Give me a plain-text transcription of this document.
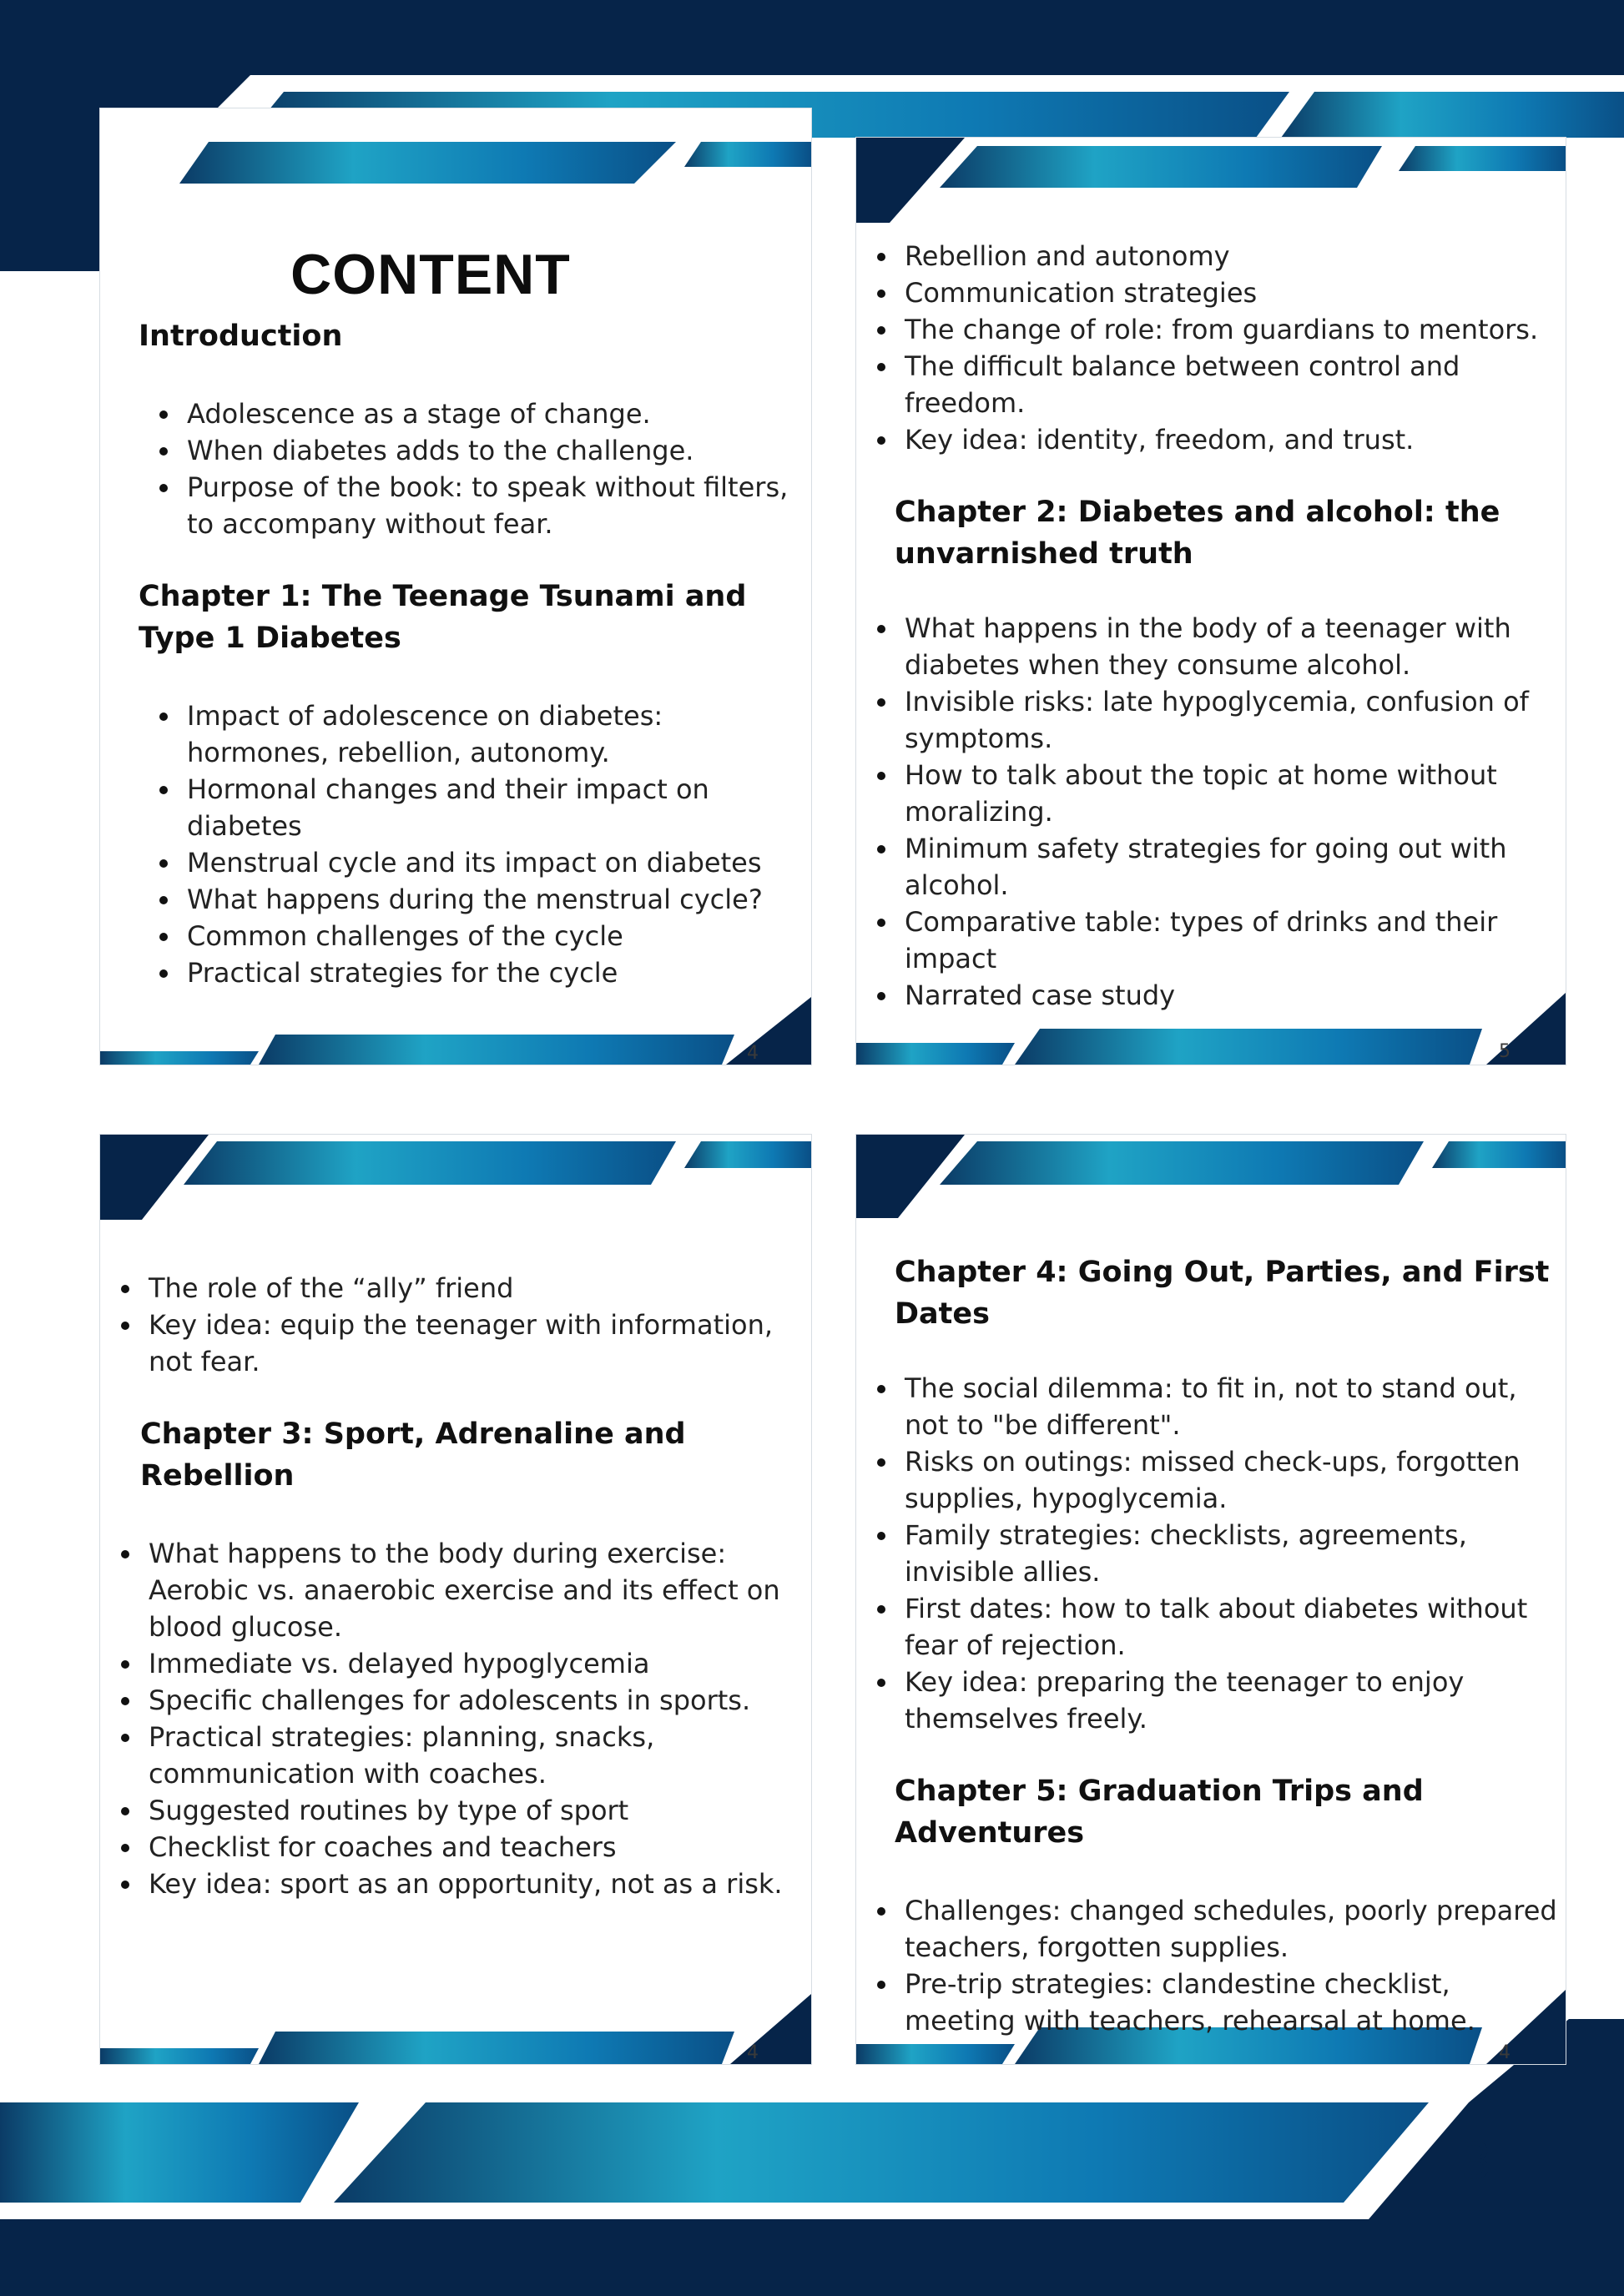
3
CONTENT
Introduction
Adolescence as a stage of change.
When diabetes adds to the challenge.
Purpose of the book: to speak without filters, to accompany without fear.
Chapter 1: The Teenage Tsunami and Type 1 Diabetes
Impact of adolescence on diabetes: hormones, rebellion, autonomy.
Hormonal changes and their impact on diabetes
Menstrual cycle and its impact on diabetes
What happens during the menstrual cycle?
Common challenges of the cycle
Practical strategies for the cycle
4
Rebellion and autonomy
Communication strategies
The change of role: from guardians to mentors.
The difficult balance between control and freedom.
Key idea: identity, freedom, and trust.
Chapter 2: Diabetes and alcohol: the unvarnished truth
What happens in the body of a teenager with diabetes when they consume alcohol.
Invisible risks: late hypoglycemia, confusion of symptoms.
How to talk about the topic at home without moralizing.
Minimum safety strategies for going out with alcohol.
Comparative table: types of drinks and their impact
Narrated case study
5
The role of the “ally” friend
Key idea: equip the teenager with information, not fear.
Chapter 3: Sport, Adrenaline and Rebellion
What happens to the body during exercise: Aerobic vs. anaerobic exercise and its effect on blood glucose.
Immediate vs. delayed hypoglycemia
Specific challenges for adolescents in sports.
Practical strategies: planning, snacks, communication with coaches.
Suggested routines by type of sport
Checklist for coaches and teachers
Key idea: sport as an opportunity, not as a risk.
4
Chapter 4: Going Out, Parties, and First Dates
The social dilemma: to fit in, not to stand out, not to "be different".
Risks on outings: missed check-ups, forgotten supplies, hypoglycemia.
Family strategies: checklists, agreements, invisible allies.
First dates: how to talk about diabetes without fear of rejection.
Key idea: preparing the teenager to enjoy themselves freely.
Chapter 5: Graduation Trips and Adventures
Challenges: changed schedules, poorly prepared teachers, forgotten supplies.
Pre-trip strategies: clandestine checklist, meeting with teachers, rehearsal at home.
4
